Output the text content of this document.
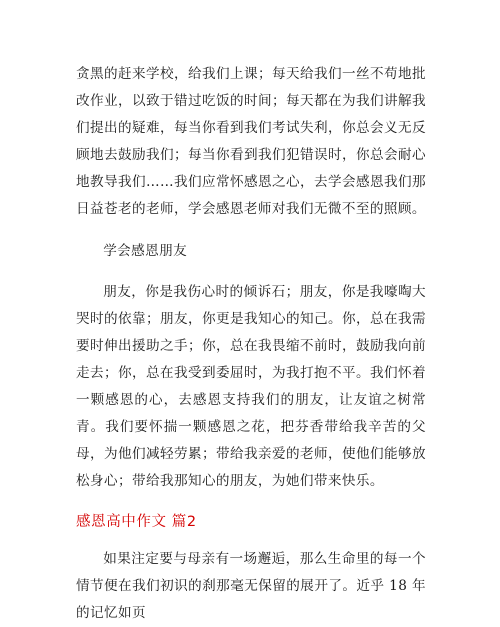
贪黑的赶来学校，给我们上课；每天给我们一丝不苟地批改作业，以致于错过吃饭的时间；每天都在为我们讲解我们提出的疑难，每当你看到我们考试失利，你总会义无反顾地去鼓励我们；每当你看到我们犯错误时，你总会耐心地教导我们……我们应常怀感恩之心，去学会感恩我们那日益苍老的老师，学会感恩老师对我们无微不至的照顾。

学会感恩朋友

朋友，你是我伤心时的倾诉石；朋友，你是我嚎啕大哭时的依靠；朋友，你更是我知心的知己。你，总在我需要时伸出援助之手；你，总在我畏缩不前时，鼓励我向前走去；你，总在我受到委屈时，为我打抱不平。我们怀着一颗感恩的心，去感恩支持我们的朋友，让友谊之树常青。我们要怀揣一颗感恩之花，把芬香带给我辛苦的父母，为他们减轻劳累；带给我亲爱的老师，使他们能够放松身心；带给我那知心的朋友，为她们带来快乐。

感恩高中作文 篇2

如果注定要与母亲有一场邂逅，那么生命里的每一个情节便在我们初识的刹那毫无保留的展开了。近乎 18 年的记忆如页
